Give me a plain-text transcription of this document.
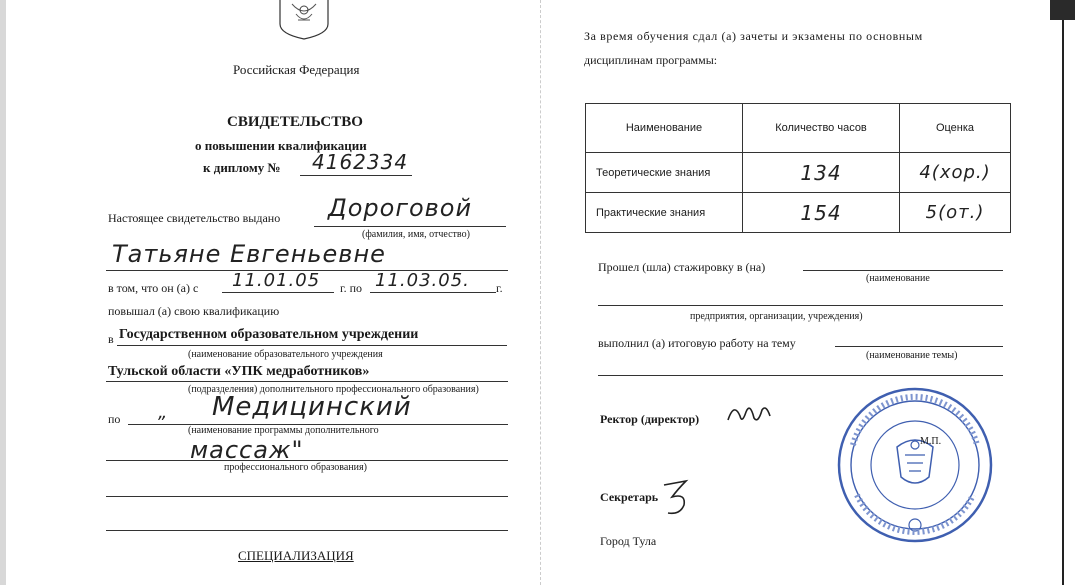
Российская Федерация
СВИДЕТЕЛЬСТВО
о повышении квалификации
к диплому № 4162334
Настоящее свидетельство выдано Дороговой
(фамилия, имя, отчество)
Татьяне Евгеньевне
в том, что он (а) с 11.01.05 г. по 11.03.05. г.
повышал (а) свою квалификацию
в Государственном образовательном учреждении
(наименование образовательного учреждения
Тульской области «УПК медработников»
(подразделения) дополнительного профессионального образования)
по „ Медицинский
(наименование программы дополнительного
массаж"
профессионального образования)
СПЕЦИАЛИЗАЦИЯ
За время обучения сдал (а) зачеты и экзамены по основным
дисциплинам программы:
Наименование	Количество часов	Оценка
Теоретические знания	134	4(хор.)
Практические знания	154	5(от.)
Прошел (шла) стажировку в (на)
(наименование
предприятия, организации, учреждения)
выполнил (а) итоговую работу на тему
(наименование темы)
Ректор (директор)
М.П.
Секретарь
Город Тула
